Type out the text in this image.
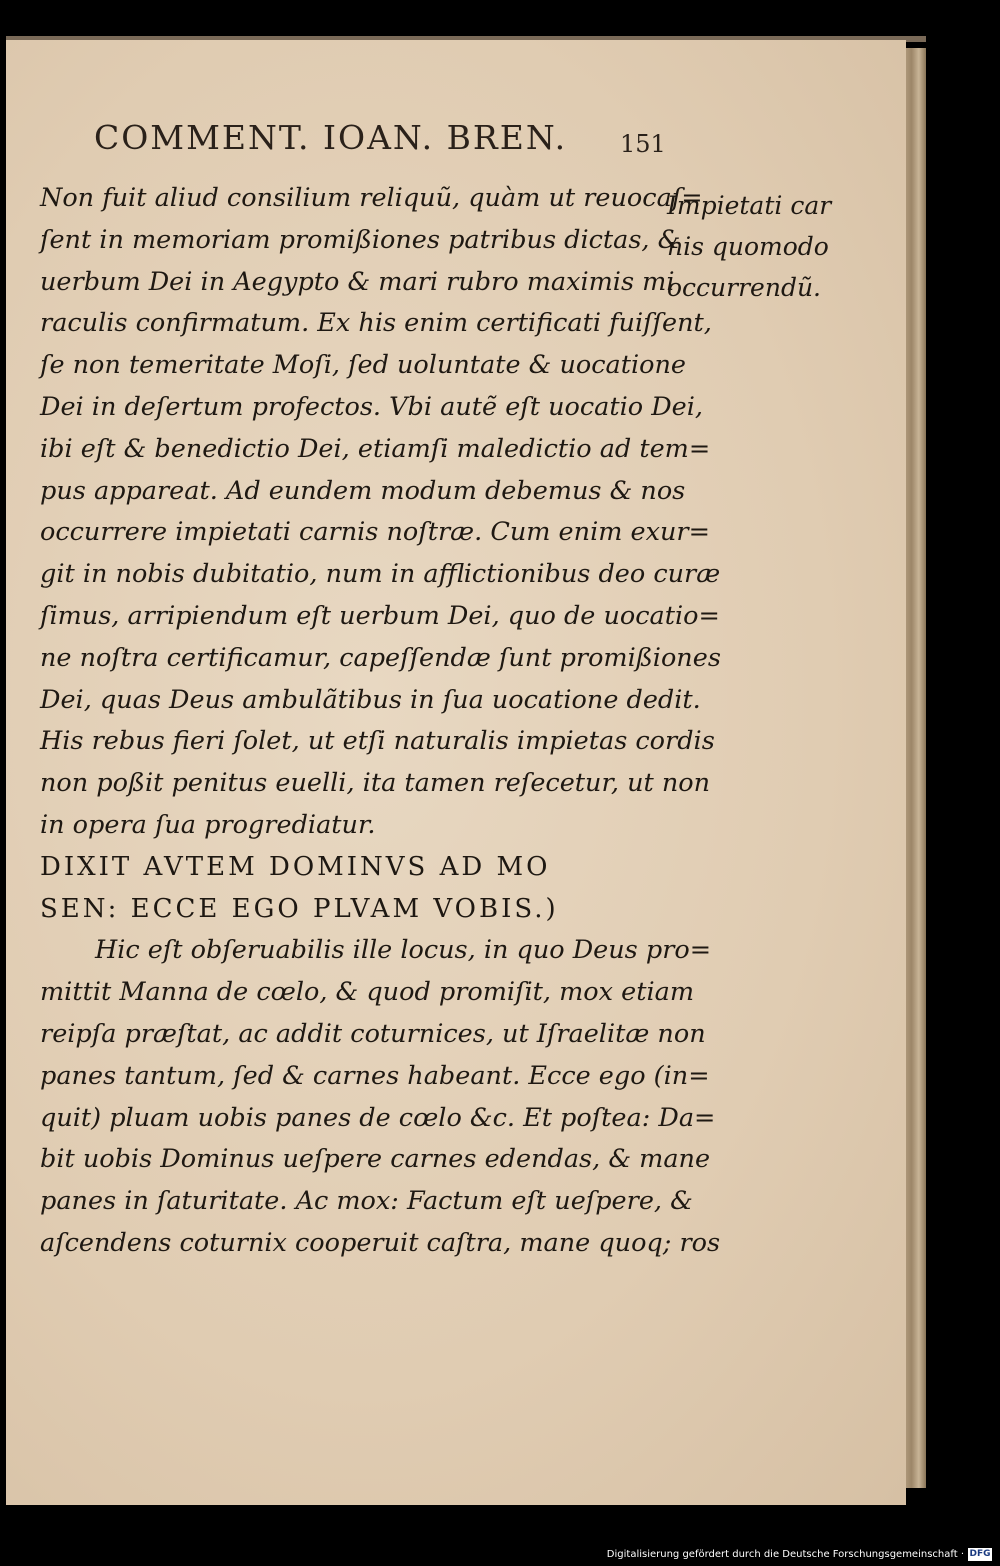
COMMENT. IOAN. BREN.	151
Non fuit aliud consilium reliquũ, quàm ut reuocaſ=
ſent in memoriam promißiones patribus dictas, &
uerbum Dei in Aegypto & mari rubro maximis mi
raculis confirmatum. Ex his enim certificati fuiſſent,
ſe non temeritate Moſi, ſed uoluntate & uocatione
Dei in deſertum profectos. Vbi autẽ eſt uocatio Dei,
ibi eſt & benedictio Dei, etiamſi maledictio ad tem=
pus appareat. Ad eundem modum debemus & nos
occurrere impietati carnis noſtræ. Cum enim exur=
git in nobis dubitatio, num in afflictionibus deo curæ
ſimus, arripiendum eſt uerbum Dei, quo de uocatio=
ne noſtra certificamur, capeſſendæ ſunt promißiones
Dei, quas Deus ambulãtibus in ſua uocatione dedit.
His rebus fieri ſolet, ut etſi naturalis impietas cordis
non poßit penitus euelli, ita tamen reſecetur, ut non
in opera ſua progrediatur.
DIXIT AVTEM DOMINVS AD MO
SEN: ECCE EGO PLVAM VOBIS.)
Hic eſt obſeruabilis ille locus, in quo Deus pro=
mittit Manna de cœlo, & quod promiſit, mox etiam
reipſa præſtat, ac addit coturnices, ut Iſraelitæ non
panes tantum, ſed & carnes habeant. Ecce ego (in=
quit) pluam uobis panes de cœlo &c. Et poſtea: Da=
bit uobis Dominus ueſpere carnes edendas, & mane
panes in ſaturitate. Ac mox: Factum eſt ueſpere, &
aſcendens coturnix cooperuit caſtra, mane quoq; ros
Impietati car
nis quomodo
occurrendũ.
Digitalisierung gefördert durch die Deutsche Forschungsgemeinschaft · DFG
